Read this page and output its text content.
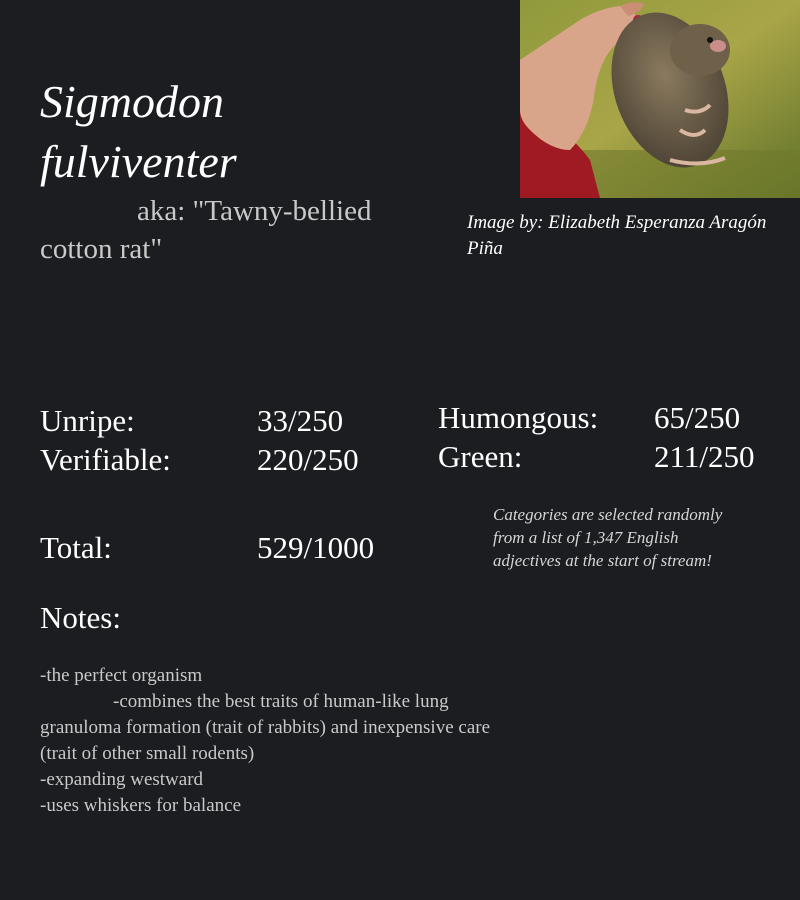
Sigmodon fulviventer
aka: "Tawny-bellied cotton rat"
Image by: Elizabeth Esperanza Aragón Piña
Unripe:	33/250
Verifiable:	220/250
Humongous: 65/250
Green:	211/250
Total:	529/1000
Categories are selected randomly from a list of 1,347 English adjectives at the start of stream!
Notes:
-the perfect organism
-combines the best traits of human-like lung granuloma formation (trait of rabbits) and inexpensive care (trait of other small rodents)
-expanding westward
-uses whiskers for balance
